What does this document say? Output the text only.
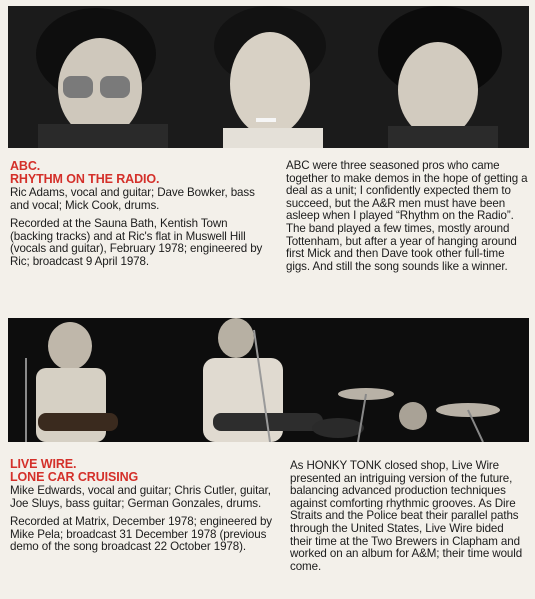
ABC.
RHYTHM ON THE RADIO.

Ric Adams, vocal and guitar; Dave Bowker, bass and vocal; Mick Cook, drums.

Recorded at the Sauna Bath, Kentish Town (backing tracks) and at Ric's flat in Muswell Hill (vocals and guitar), February 1978; engineered by Ric; broadcast 9 April 1978.

ABC were three seasoned pros who came together to make demos in the hope of getting a deal as a unit; I confidently expected them to succeed, but the A&R men must have been asleep when I played “Rhythm on the Radio”. The band played a few times, mostly around Tottenham, but after a year of hanging around first Mick and then Dave took other full-time gigs. And still the song sounds like a winner.

LIVE WIRE.
LONE CAR CRUISING

Mike Edwards, vocal and guitar; Chris Cutler, guitar, Joe Sluys, bass guitar; German Gonzales, drums.

Recorded at Matrix, December 1978; engineered by Mike Pela; broadcast 31 December 1978 (previous demo of the song broadcast 22 October 1978).

As HONKY TONK closed shop, Live Wire presented an intriguing version of the future, balancing advanced production techniques against comforting rhythmic grooves. As Dire Straits and the Police beat their parallel paths through the United States, Live Wire bided their time at the Two Brewers in Clapham and worked on an album for A&M; their time would come.
